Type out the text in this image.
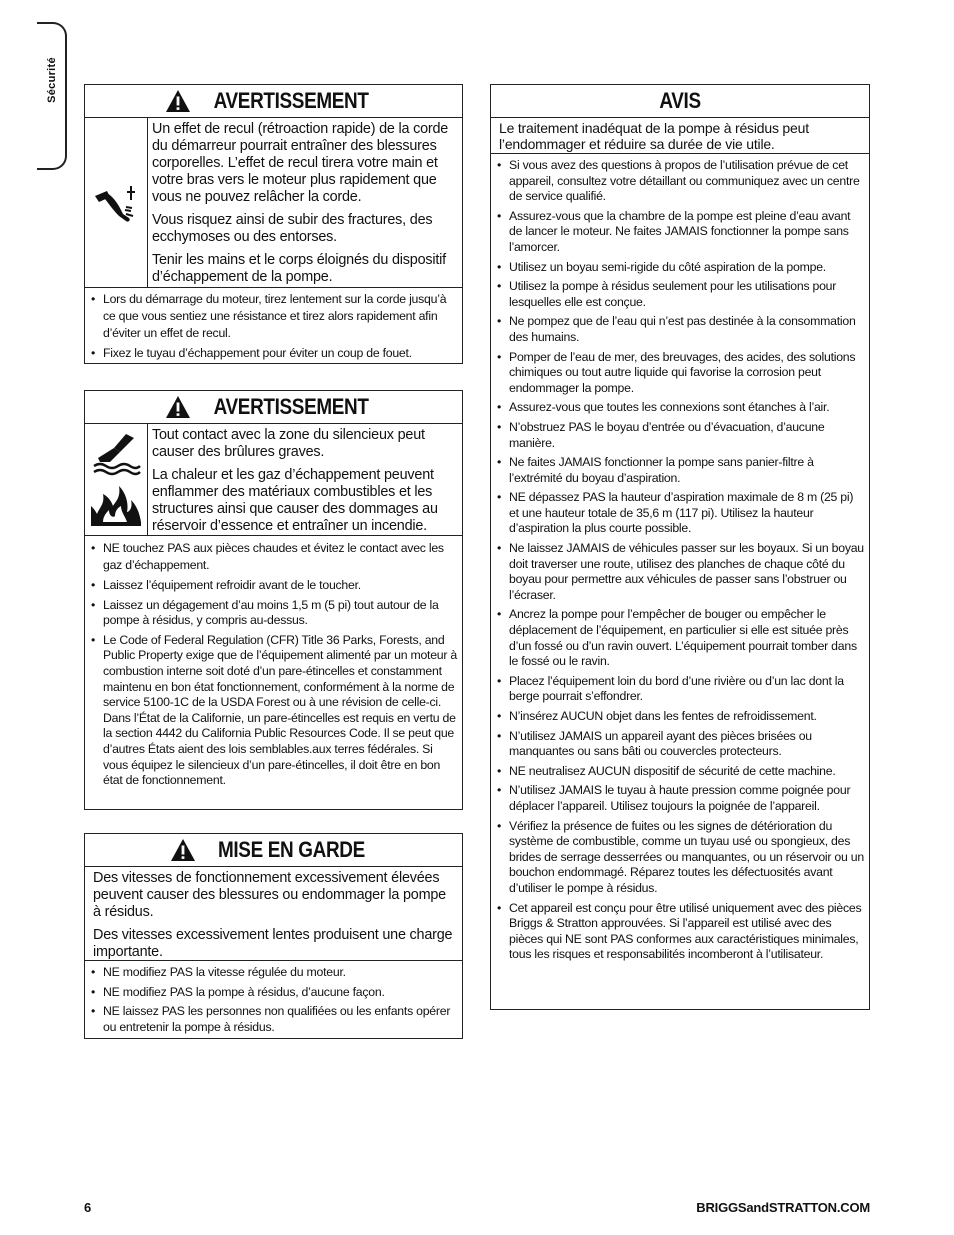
Sécurité	AVERTISSEMENT

Un effet de recul (rétroaction rapide) de la corde du démarreur pourrait entraîner des blessures corporelles. L’effet de recul tirera votre main et votre bras vers le moteur plus rapidement que vous ne pouvez relâcher la corde.

Vous risquez ainsi de subir des fractures, des ecchymoses ou des entorses.

Tenir les mains et le corps éloignés du dispositif d’échappement de la pompe.

• Lors du démarrage du moteur, tirez lentement sur la corde jusqu’à ce que vous sentiez une résistance et tirez alors rapidement afin d’éviter un effet de recul.
• Fixez le tuyau d’échappement pour éviter un coup de fouet.
AVERTISSEMENT

Tout contact avec la zone du silencieux peut causer des brûlures graves.

La chaleur et les gaz d’échappement peuvent enflammer des matériaux combustibles et les structures ainsi que causer des dommages au réservoir d’essence et entraîner un incendie.

• NE touchez PAS aux pièces chaudes et évitez le contact avec les gaz d’échappement.
• Laissez l’équipement refroidir avant de le toucher.
• Laissez un dégagement d’au moins 1,5 m (5 pi) tout autour de la pompe à résidus, y compris au-dessus.
• Le Code of Federal Regulation (CFR) Title 36 Parks, Forests, and Public Property exige que de l’équipement alimenté par un moteur à combustion interne soit doté d’un pare-étincelles et constamment maintenu en bon état fonctionnement, conformément à la norme de service 5100-1C de la USDA Forest ou à une révision de celle-ci. Dans l’État de la Californie, un pare-étincelles est requis en vertu de la section 4442 du California Public Resources Code. Il se peut que d’autres États aient des lois semblables.aux terres fédérales. Si vous équipez le silencieux d’un pare-étincelles, il doit être en bon état de fonctionnement.
MISE EN GARDE

Des vitesses de fonctionnement excessivement élevées peuvent causer des blessures ou endommager la pompe à résidus.

Des vitesses excessivement lentes produisent une charge importante.

• NE modifiez PAS la vitesse régulée du moteur.
• NE modifiez PAS la pompe à résidus, d’aucune façon.
• NE laissez PAS les personnes non qualifiées ou les enfants opérer ou entretenir la pompe à résidus.
AVIS

Le traitement inadéquat de la pompe à résidus peut l’endommager et réduire sa durée de vie utile.

• Si vous avez des questions à propos de l’utilisation prévue de cet appareil, consultez votre détaillant ou communiquez avec un centre de service qualifié.
• Assurez-vous que la chambre de la pompe est pleine d’eau avant de lancer le moteur. Ne faites JAMAIS fonctionner la pompe sans l’amorcer.
• Utilisez un boyau semi-rigide du côté aspiration de la pompe.
• Utilisez la pompe à résidus seulement pour les utilisations pour lesquelles elle est conçue.
• Ne pompez que de l’eau qui n’est pas destinée à la consommation des humains.
• Pomper de l’eau de mer, des breuvages, des acides, des solutions chimiques ou tout autre liquide qui favorise la corrosion peut endommager la pompe.
• Assurez-vous que toutes les connexions sont étanches à l’air.
• N’obstruez PAS le boyau d’entrée ou d’évacuation, d’aucune manière.
• Ne faites JAMAIS fonctionner la pompe sans panier-filtre à l’extrémité du boyau d’aspiration.
• NE dépassez PAS la hauteur d’aspiration maximale de 8 m (25 pi) et une hauteur totale de 35,6 m (117 pi). Utilisez la hauteur d’aspiration la plus courte possible.
• Ne laissez JAMAIS de véhicules passer sur les boyaux. Si un boyau doit traverser une route, utilisez des planches de chaque côté du boyau pour permettre aux véhicules de passer sans l’obstruer ou l’écraser.
• Ancrez la pompe pour l’empêcher de bouger ou empêcher le déplacement de l’équipement, en particulier si elle est située près d’un fossé ou d’un ravin ouvert. L’équipement pourrait tomber dans le fossé ou le ravin.
• Placez l’équipement loin du bord d’une rivière ou d’un lac dont la berge pourrait s’effondrer.
• N’insérez AUCUN objet dans les fentes de refroidissement.
• N’utilisez JAMAIS un appareil ayant des pièces brisées ou manquantes ou sans bâti ou couvercles protecteurs.
• NE neutralisez AUCUN dispositif de sécurité de cette machine.
• N’utilisez JAMAIS le tuyau à haute pression comme poignée pour déplacer l’appareil. Utilisez toujours la poignée de l’appareil.
• Vérifiez la présence de fuites ou les signes de détérioration du système de combustible, comme un tuyau usé ou spongieux, des brides de serrage desserrées ou manquantes, ou un réservoir ou un bouchon endommagé. Réparez toutes les défectuosités avant d’utiliser le pompe à résidus.
• Cet appareil est conçu pour être utilisé uniquement avec des pièces Briggs & Stratton approuvées. Si l’appareil est utilisé avec des pièces qui NE sont PAS conformes aux caractéristiques minimales, tous les risques et responsabilités incomberont à l’utilisateur.
6	BRIGGSandSTRATTON.COM
